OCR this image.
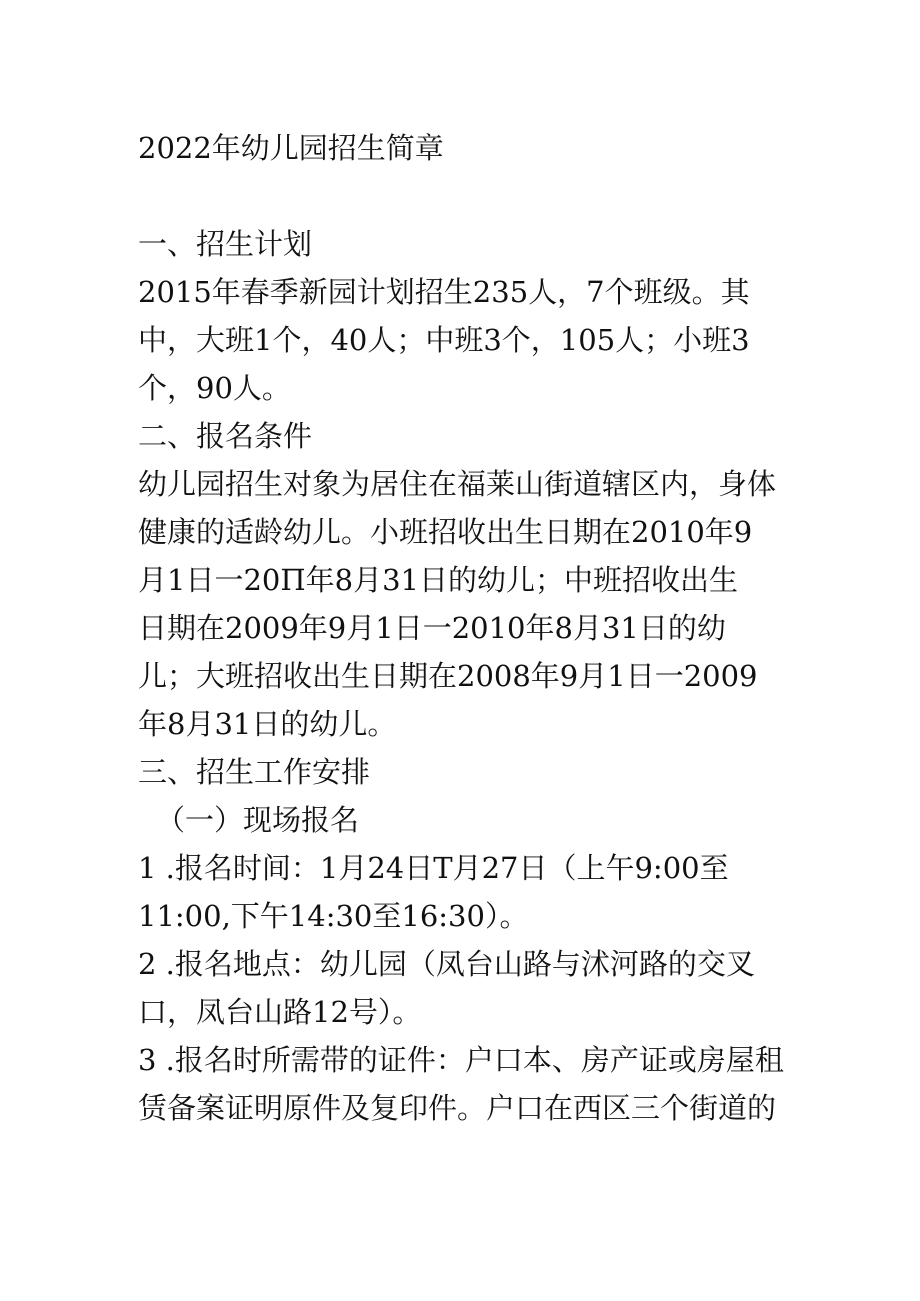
2022年幼儿园招生简章
一、招生计划
2015年春季新园计划招生235人，7个班级。其
中，大班1个，40人；中班3个，105人；小班3
个，90人。
二、报名条件
幼儿园招生对象为居住在福莱山街道辖区内，身体
健康的适龄幼儿。小班招收出生日期在2010年9
月1日一20Π年8月31日的幼儿；中班招收出生
日期在2009年9月1日一2010年8月31日的幼
儿；大班招收出生日期在2008年9月1日一2009
年8月31日的幼儿。
三、招生工作安排
（一）现场报名
1 .报名时间：1月24日T月27日（上午9:00至
11:00,下午14:30至16:30）。
2 .报名地点：幼儿园（凤台山路与沭河路的交叉
口，凤台山路12号）。
3 .报名时所需带的证件：户口本、房产证或房屋租
赁备案证明原件及复印件。户口在西区三个街道的
